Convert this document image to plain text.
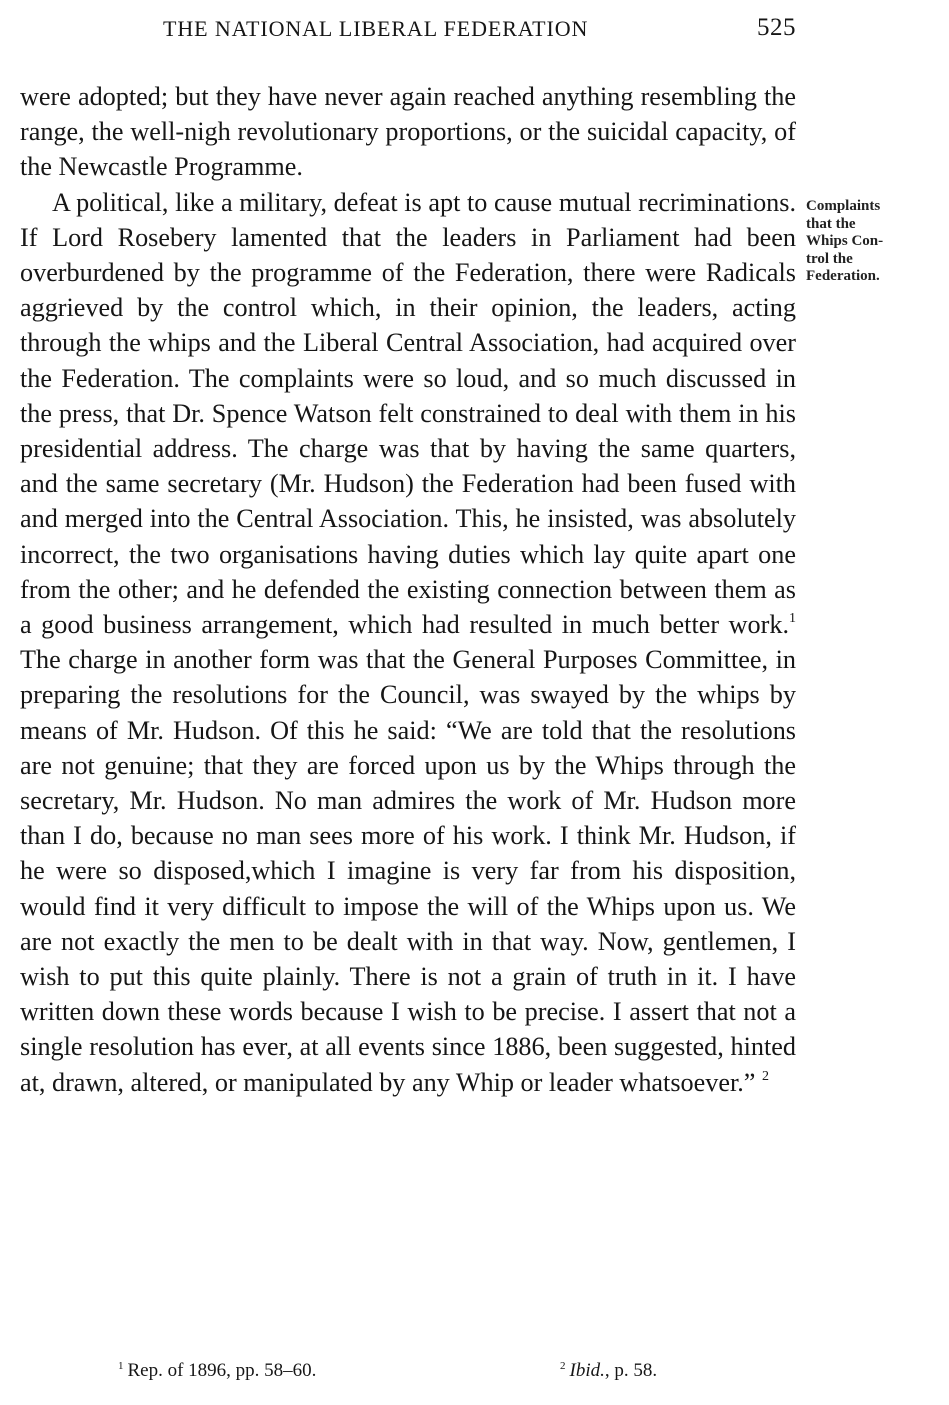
THE NATIONAL LIBERAL FEDERATION	525

were adopted; but they have never again reached anything resembling the range, the well-nigh revolutionary proportions, or the suicidal capacity, of the Newcastle Programme.

A political, like a military, defeat is apt to cause mutual recriminations. If Lord Rosebery lamented that the leaders in Parliament had been overburdened by the programme of the Federation, there were Radicals aggrieved by the control which, in their opinion, the leaders, acting through the whips and the Liberal Central Association, had acquired over the Federation. The complaints were so loud, and so much discussed in the press, that Dr. Spence Watson felt constrained to deal with them in his presidential address. The charge was that by having the same quarters, and the same secretary (Mr. Hudson) the Federation had been fused with and merged into the Central Association. This, he insisted, was absolutely incorrect, the two organisations having duties which lay quite apart one from the other; and he defended the existing connection between them as a good business arrangement, which had resulted in much better work.$^1$ The charge in another form was that the General Purposes Committee, in preparing the resolutions for the Council, was swayed by the whips by means of Mr. Hudson. Of this he said: “We are told that the resolutions are not genuine; that they are forced upon us by the Whips through the secretary, Mr. Hudson. No man admires the work of Mr. Hudson more than I do, because no man sees more of his work. I think Mr. Hudson, if he were so disposed,which I imagine is very far from his disposition, would find it very difficult to impose the will of the Whips upon us. We are not exactly the men to be dealt with in that way. Now, gentlemen, I wish to put this quite plainly. There is not a grain of truth in it. I have written down these words because I wish to be precise. I assert that not a single resolution has ever, at all events since 1886, been suggested, hinted at, drawn, altered, or manipulated by any Whip or leader whatsoever.” $^2$

Complaints
that the
Whips Con-
trol the
Federation.
$^1$ Rep. of 1896, pp. 58–60.	$^2$ Ibid., p. 58.
